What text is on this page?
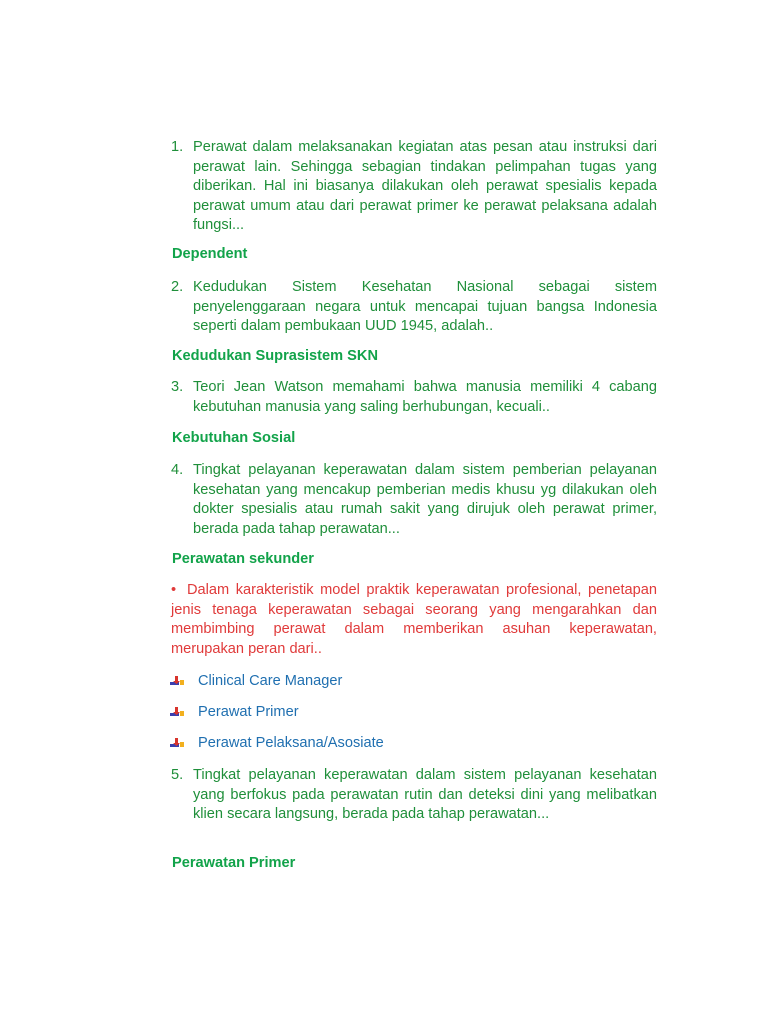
1. Perawat dalam melaksanakan kegiatan atas pesan atau instruksi dari perawat lain. Sehingga sebagian tindakan pelimpahan tugas yang diberikan. Hal ini biasanya dilakukan oleh perawat spesialis kepada perawat umum atau dari perawat primer ke perawat pelaksana adalah fungsi...
Dependent
2. Kedudukan Sistem Kesehatan Nasional sebagai sistem penyelenggaraan negara untuk mencapai tujuan bangsa Indonesia seperti dalam pembukaan UUD 1945, adalah..
Kedudukan Suprasistem SKN
3. Teori Jean Watson memahami bahwa manusia memiliki 4 cabang kebutuhan manusia yang saling berhubungan, kecuali..
Kebutuhan Sosial
4. Tingkat pelayanan keperawatan dalam sistem pemberian pelayanan kesehatan yang mencakup pemberian medis khusu yg dilakukan oleh dokter spesialis atau rumah sakit yang dirujuk oleh perawat primer, berada pada tahap perawatan...
Perawatan sekunder
• Dalam karakteristik model praktik keperawatan profesional, penetapan jenis tenaga keperawatan sebagai seorang yang mengarahkan dan membimbing perawat dalam memberikan asuhan keperawatan, merupakan peran dari..
Clinical Care Manager
Perawat Primer
Perawat Pelaksana/Asosiate
5. Tingkat pelayanan keperawatan dalam sistem pelayanan kesehatan yang berfokus pada perawatan rutin dan deteksi dini yang melibatkan klien secara langsung, berada pada tahap perawatan...
Perawatan Primer
